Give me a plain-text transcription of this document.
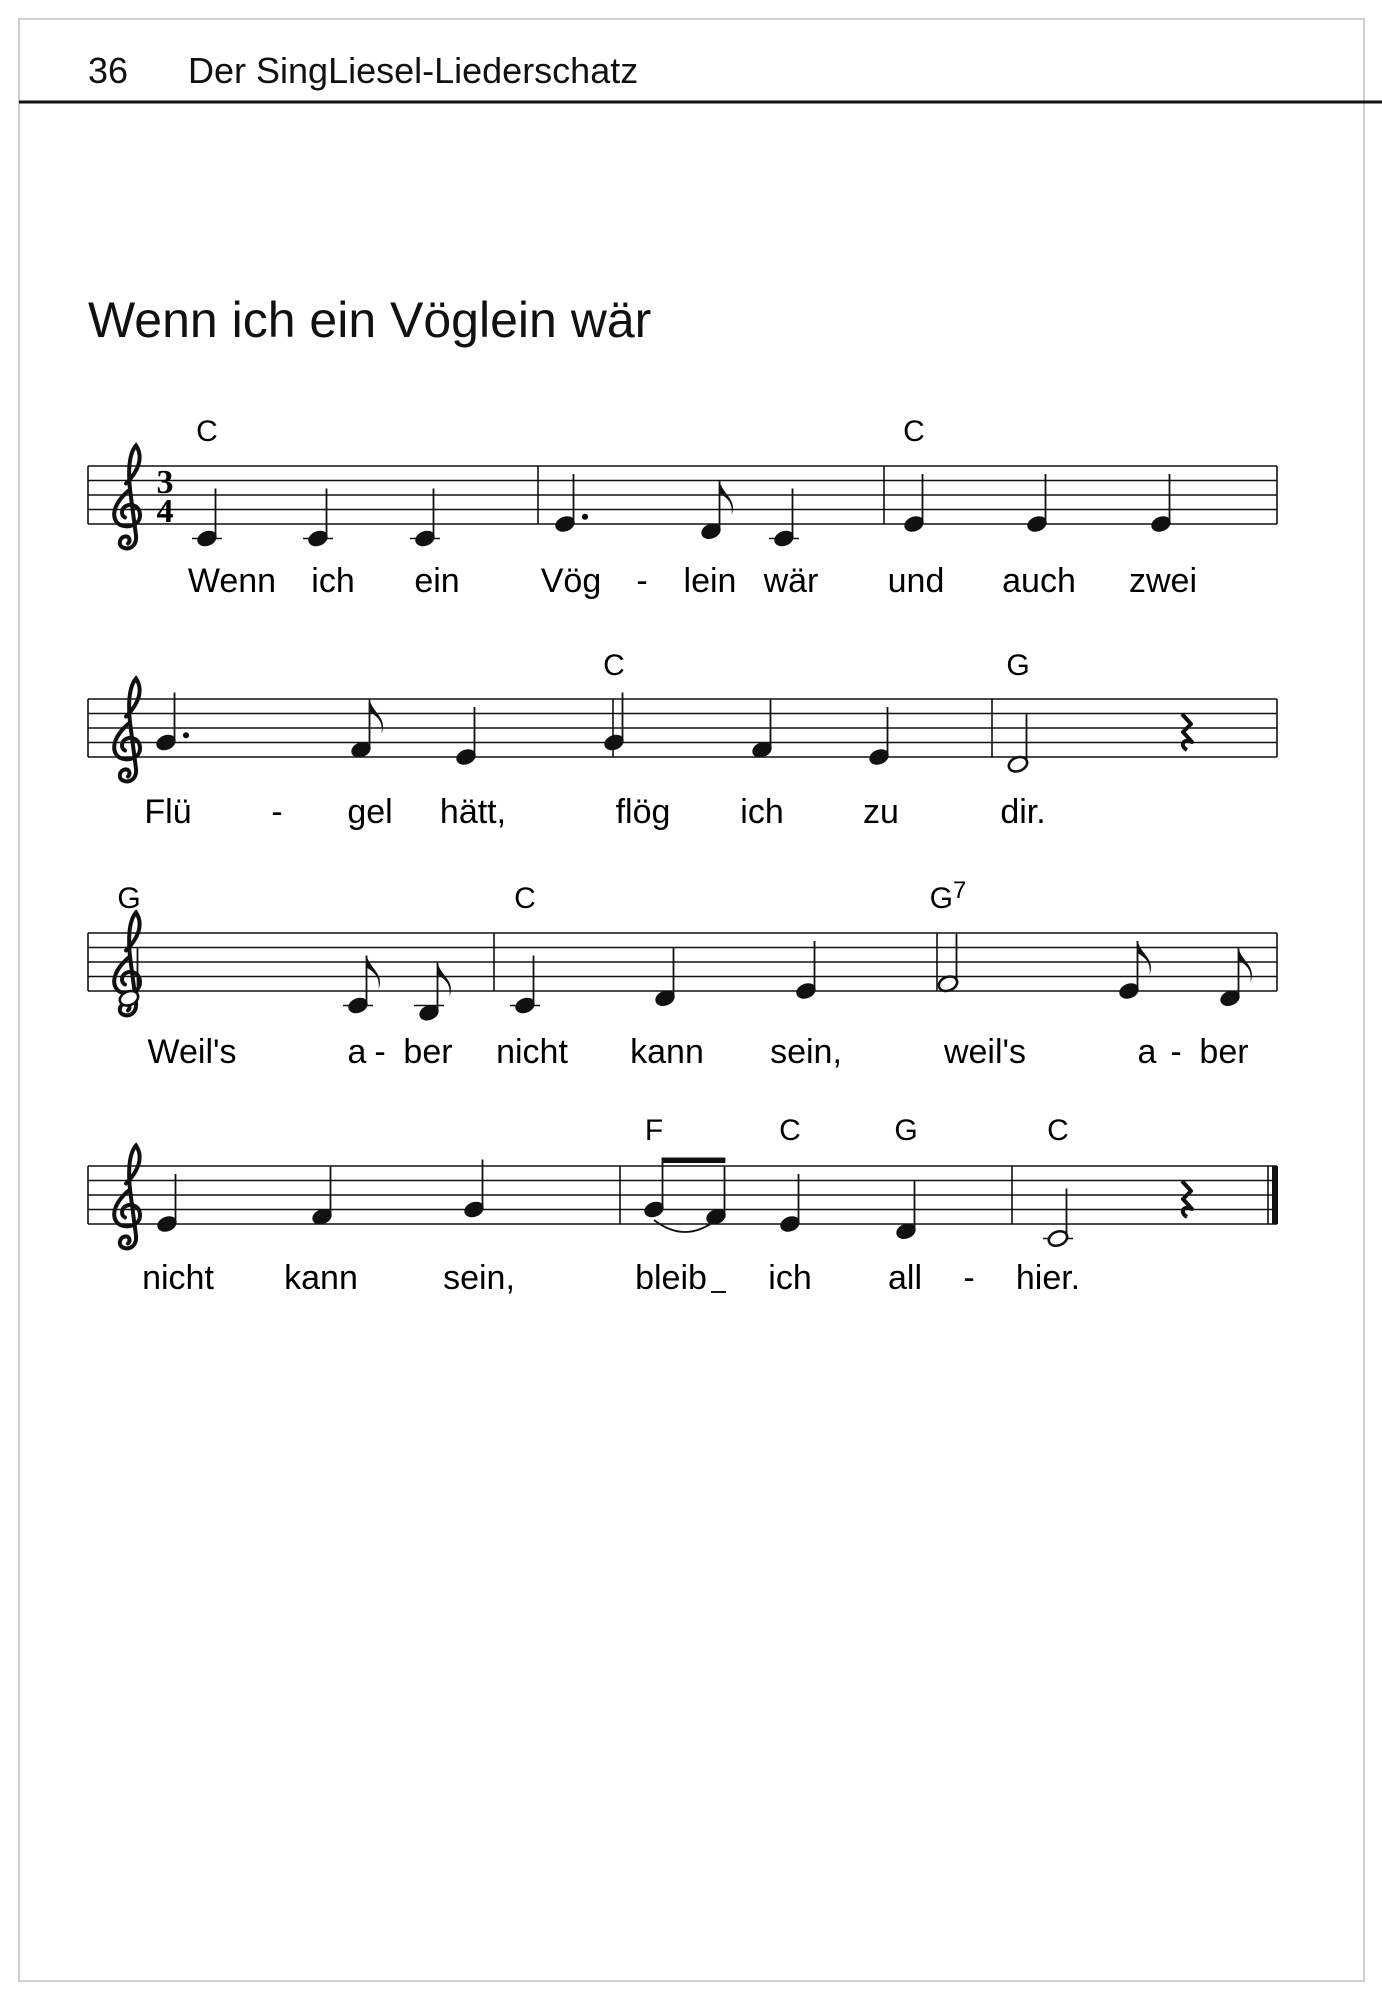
36 Der SingLiesel-Liederschatz
Wenn ich ein Vöglein wär
3
4
C	C
Wenn ich ein Vög - lein wär und auch zwei
C	G
Flü - gel hätt,	flög ich zu	dir.
G	C	$G^7$
Weil's	a - ber nicht kann sein,	weil's	a - ber
F	C	G	C
nicht kann	sein,	bleib ich all - hier.
